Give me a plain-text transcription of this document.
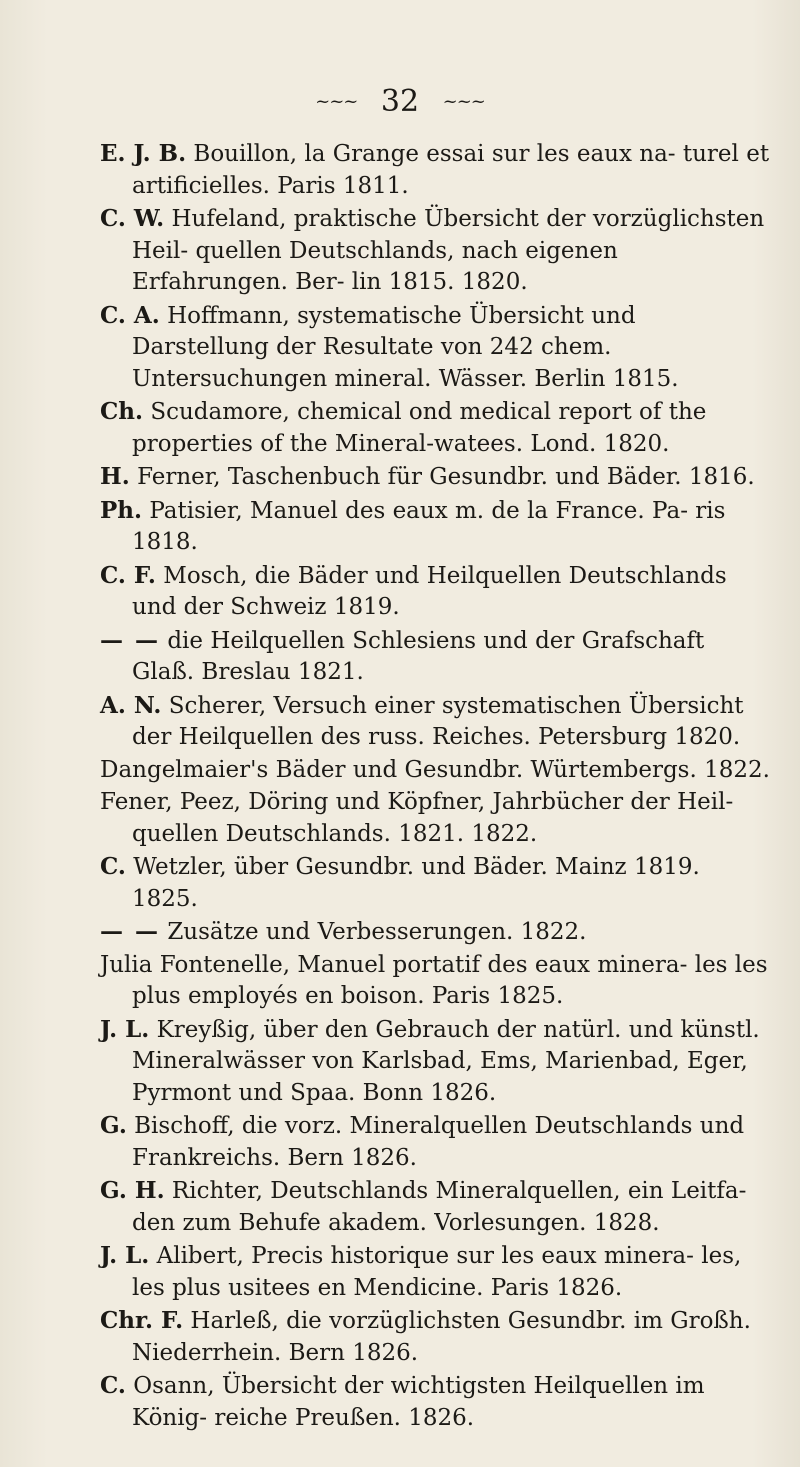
~~~ 32 ~~~

E. J. B. Bouillon, la Grange essai sur les eaux na- turel et artificielles. Paris 1811.

C. W. Hufeland, praktische Übersicht der vorzüglichsten Heil- quellen Deutschlands, nach eigenen Erfahrungen. Ber- lin 1815. 1820.

C. A. Hoffmann, systematische Übersicht und Darstellung der Resultate von 242 chem. Untersuchungen mineral. Wässer. Berlin 1815.

Ch. Scudamore, chemical ond medical report of the properties of the Mineral-watees. Lond. 1820.

H. Ferner, Taschenbuch für Gesundbr. und Bäder. 1816.

Ph. Patisier, Manuel des eaux m. de la France. Pa- ris 1818.

C. F. Mosch, die Bäder und Heilquellen Deutschlands und der Schweiz 1819.

— — die Heilquellen Schlesiens und der Grafschaft Glaß. Breslau 1821.

A. N. Scherer, Versuch einer systematischen Übersicht der Heilquellen des russ. Reiches. Petersburg 1820.

Dangelmaier's Bäder und Gesundbr. Würtembergs. 1822.

Fener, Peez, Döring und Köpfner, Jahrbücher der Heil- quellen Deutschlands. 1821. 1822.

C. Wetzler, über Gesundbr. und Bäder. Mainz 1819. 1825.

— — Zusätze und Verbesserungen. 1822.

Julia Fontenelle, Manuel portatif des eaux minera- les les plus employés en boison. Paris 1825.

J. L. Kreyßig, über den Gebrauch der natürl. und künstl. Mineralwässer von Karlsbad, Ems, Marienbad, Eger, Pyrmont und Spaa. Bonn 1826.

G. Bischoff, die vorz. Mineralquellen Deutschlands und Frankreichs. Bern 1826.

G. H. Richter, Deutschlands Mineralquellen, ein Leitfa- den zum Behufe akadem. Vorlesungen. 1828.

J. L. Alibert, Precis historique sur les eaux minera- les, les plus usitees en Mendicine. Paris 1826.

Chr. F. Harleß, die vorzüglichsten Gesundbr. im Großh. Niederrhein. Bern 1826.

C. Osann, Übersicht der wichtigsten Heilquellen im König- reiche Preußen. 1826.
